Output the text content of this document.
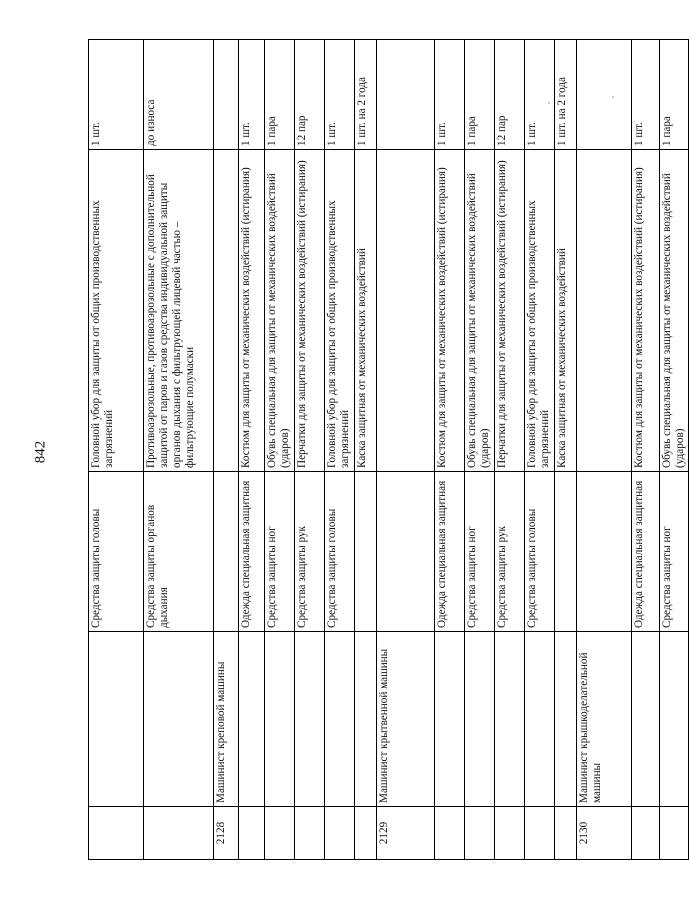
842
		Средства защиты головы	Головной убор для защиты от общих производственных загрязнений	1 шт.
		Средства защиты органов дыхания	Противоаэрозольные, противоаэрозольные с дополнительной защитой от паров и газов средства индивидуальной защиты органов дыхания с фильтрующей лицевой частью – фильтрующие полумаски	до износа
2128	Машинист креповой машины			
		Одежда специальная защитная	Костюм для защиты от механических воздействий (истирания)	1 шт.
		Средства защиты ног	Обувь специальная для защиты от механических воздействий (ударов)	1 пара
		Средства защиты рук	Перчатки для защиты от механических воздействий (истирания)	12 пар
		Средства защиты головы	Головной убор для защиты от общих производственных загрязнений	1 шт.
			Каска защитная от механических воздействий	1 шт. на 2 года
2129	Машинист крытвенной машины			
		Одежда специальная защитная	Костюм для защиты от механических воздействий (истирания)	1 шт.
		Средства защиты ног	Обувь специальная для защиты от механических воздействий (ударов)	1 пара
		Средства защиты рук	Перчатки для защиты от механических воздействий (истирания)	12 пар
		Средства защиты головы	Головной убор для защиты от общих производственных загрязнений	1 шт.
			Каска защитная от механических воздействий	1 шт. на 2 года
2130	Машинист крышкоделательной машины			
		Одежда специальная защитная	Костюм для защиты от механических воздействий (истирания)	1 шт.
		Средства защиты ног	Обувь специальная для защиты от механических воздействий (ударов)	1 пара
